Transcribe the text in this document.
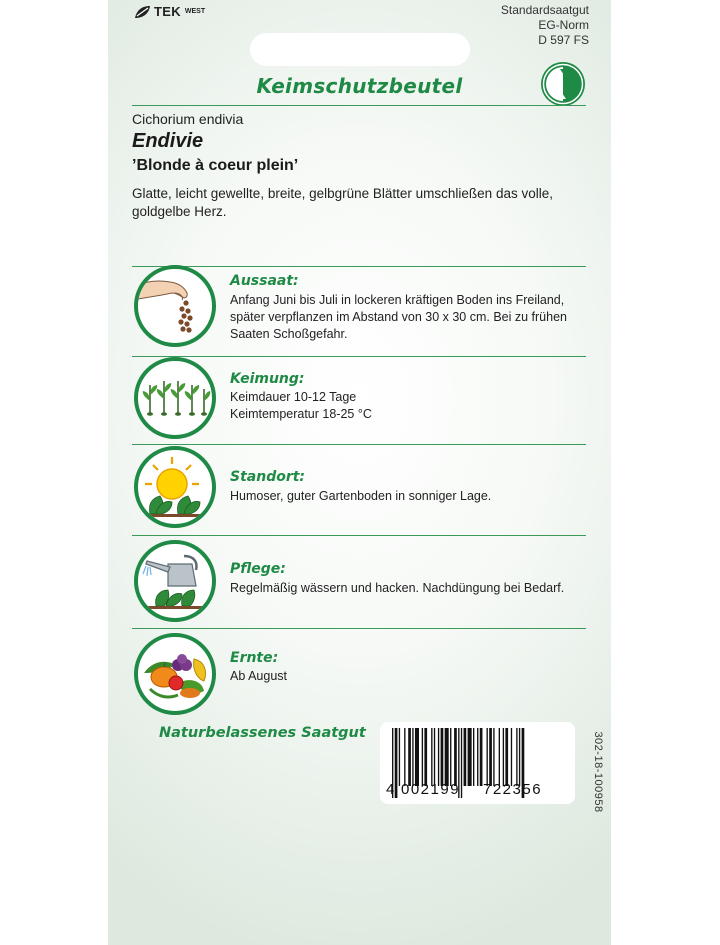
TEK WEST	Standardsaatgut
EG-Norm
D 597 FS
Keimschutzbeutel
Cichorium endivia
Endivie
’Blonde à coeur plein’
Glatte, leicht gewellte, breite, gelbgrüne Blätter umschließen das volle, goldgelbe Herz.
Aussaat:
Anfang Juni bis Juli in lockeren kräftigen Boden ins Freiland, später verpflanzen im Abstand von 30 x 30 cm. Bei zu frühen Saaten Schoßgefahr.
Keimung:
Keimdauer 10-12 Tage
Keimtemperatur 18-25 °C
Standort:
Humoser, guter Gartenboden in sonniger Lage.
Pflege:
Regelmäßig wässern und hacken. Nachdüngung bei Bedarf.
Ernte:
Ab August
Naturbelassenes Saatgut
4 002199	722356	302-18-100958
